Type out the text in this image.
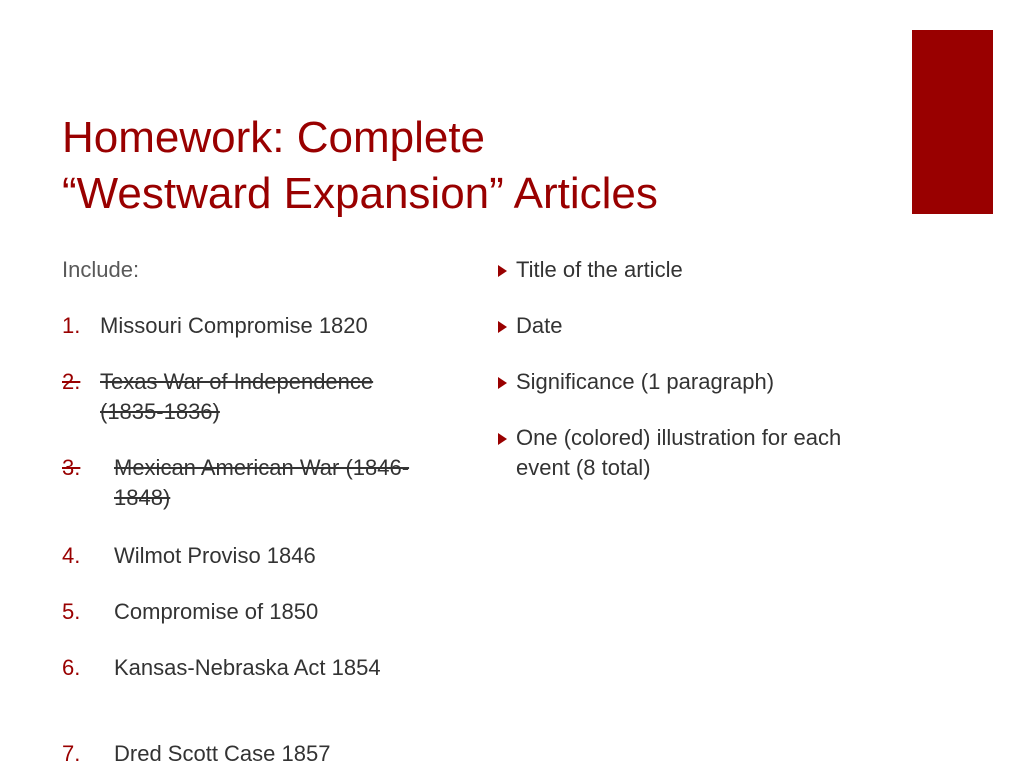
Homework: Complete
“Westward Expansion” Articles
Include:
1. Missouri Compromise 1820
2. Texas War of Independence (1835-1836)
3.	Mexican American War (1846-1848)
4.	Wilmot Proviso 1846
5.	Compromise of 1850
6.	Kansas-Nebraska Act 1854
7.	Dred Scott Case 1857
Title of the article
Date
Significance (1 paragraph)
One (colored) illustration for each event (8 total)
